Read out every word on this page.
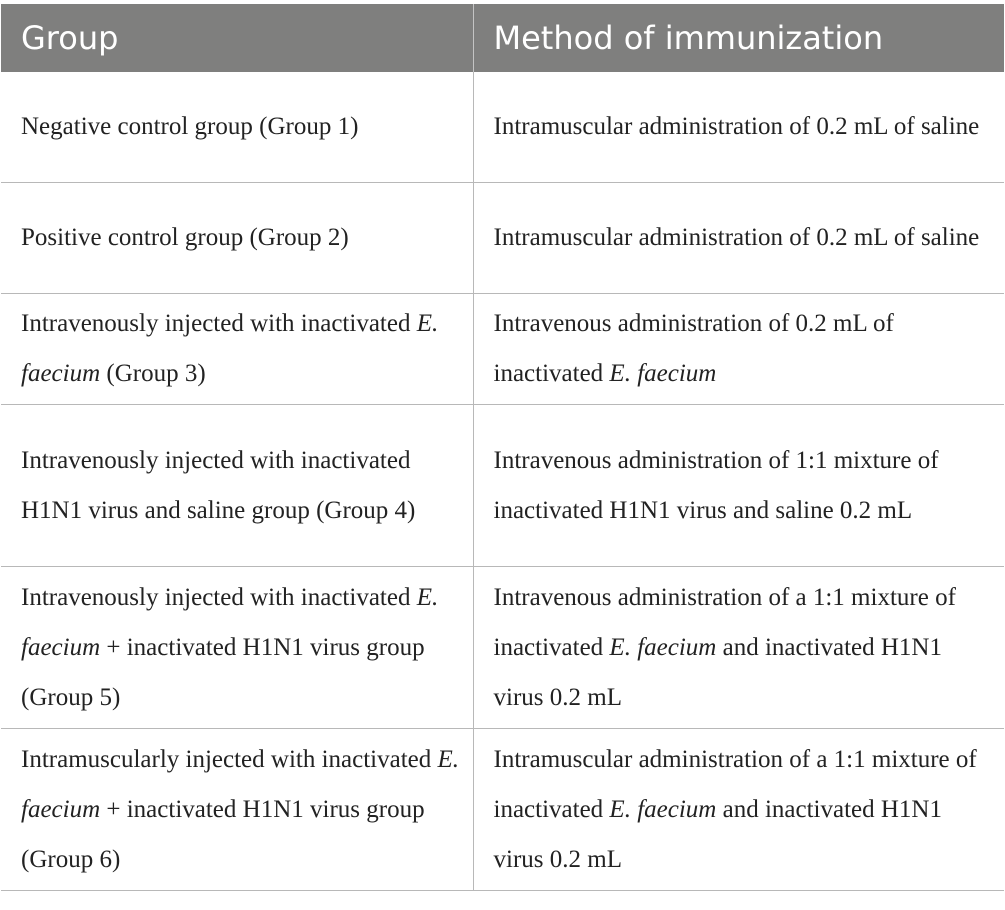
Group	Method of immunization
Negative control group (Group 1)	Intramuscular administration of 0.2 mL of saline
Positive control group (Group 2)	Intramuscular administration of 0.2 mL of saline
Intravenously injected with inactivated E. faecium (Group 3)	Intravenous administration of 0.2 mL of inactivated E. faecium
Intravenously injected with inactivated H1N1 virus and saline group (Group 4)	Intravenous administration of 1:1 mixture of inactivated H1N1 virus and saline 0.2 mL
Intravenously injected with inactivated E. faecium + inactivated H1N1 virus group (Group 5)	Intravenous administration of a 1:1 mixture of inactivated E. faecium and inactivated H1N1 virus 0.2 mL
Intramuscularly injected with inactivated E. faecium + inactivated H1N1 virus group (Group 6)	Intramuscular administration of a 1:1 mixture of inactivated E. faecium and inactivated H1N1 virus 0.2 mL
